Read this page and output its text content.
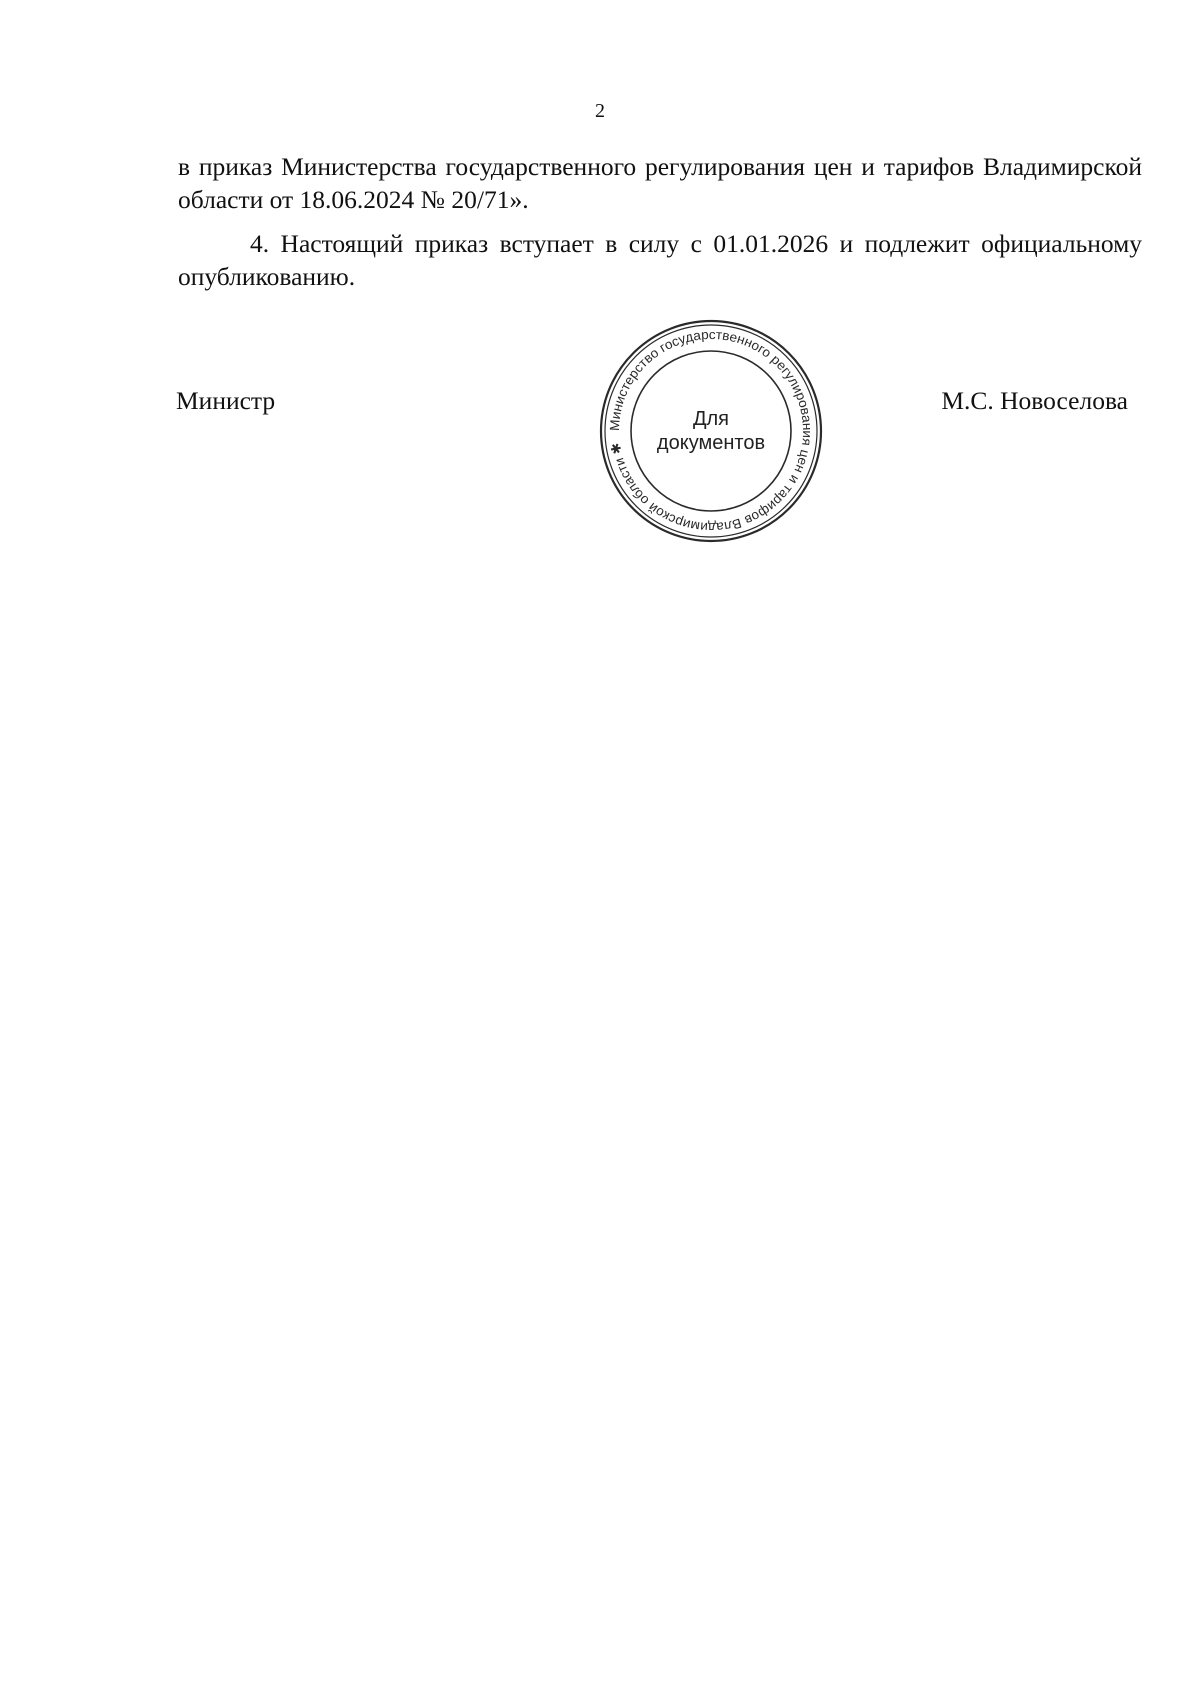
2
в приказ Министерства государственного регулирования цен и тарифов Владимирской области от 18.06.2024 № 20/71».
4. Настоящий приказ вступает в силу с 01.01.2026 и подлежит официальному опубликованию.
Министр
Министерство государственного регулирования цен и тарифов Владимирской области ✱
Для
документов
М.С. Новоселова
